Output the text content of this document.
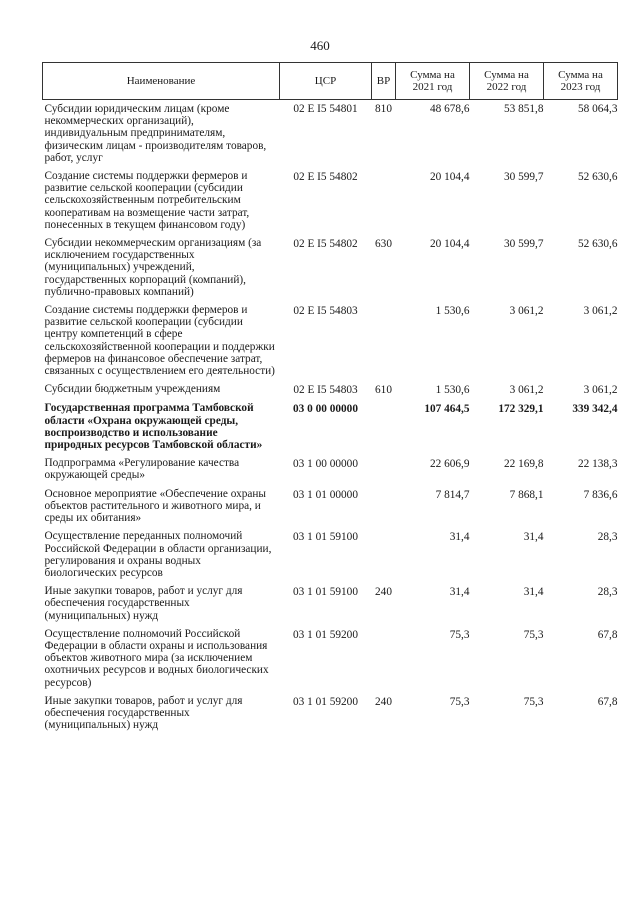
460
Наименование	ЦСР	ВР	Сумма на 2021 год	Сумма на 2022 год	Сумма на 2023 год
Субсидии юридическим лицам (кроме некоммерческих организаций), индивидуальным предпринимателям, физическим лицам - производителям товаров, работ, услуг	02 Е I5 54801	810	48 678,6	53 851,8	58 064,3
Создание системы поддержки фермеров и развитие сельской кооперации (субсидии сельскохозяйственным потребительским кооперативам на возмещение части затрат, понесенных в текущем финансовом году)	02 Е I5 54802		20 104,4	30 599,7	52 630,6
Субсидии некоммерческим организациям (за исключением государственных (муниципальных) учреждений, государственных корпораций (компаний), публично-правовых компаний)	02 Е I5 54802	630	20 104,4	30 599,7	52 630,6
Создание системы поддержки фермеров и развитие сельской кооперации (субсидии центру компетенций в сфере сельскохозяйственной кооперации и поддержки фермеров на финансовое обеспечение затрат, связанных с осуществлением его деятельности)	02 Е I5 54803		1 530,6	3 061,2	3 061,2
Субсидии бюджетным учреждениям	02 Е I5 54803	610	1 530,6	3 061,2	3 061,2
Государственная программа Тамбовской области «Охрана окружающей среды, воспроизводство и использование природных ресурсов Тамбовской области»	03 0 00 00000		107 464,5	172 329,1	339 342,4
Подпрограмма «Регулирование качества окружающей среды»	03 1 00 00000		22 606,9	22 169,8	22 138,3
Основное мероприятие «Обеспечение охраны объектов растительного и животного мира, и среды их обитания»	03 1 01 00000		7 814,7	7 868,1	7 836,6
Осуществление переданных полномочий Российской Федерации в области организации, регулирования и охраны водных биологических ресурсов	03 1 01 59100		31,4	31,4	28,3
Иные закупки товаров, работ и услуг для обеспечения государственных (муниципальных) нужд	03 1 01 59100	240	31,4	31,4	28,3
Осуществление полномочий Российской Федерации в области охраны и использования объектов животного мира (за исключением охотничьих ресурсов и водных биологических ресурсов)	03 1 01 59200		75,3	75,3	67,8
Иные закупки товаров, работ и услуг для обеспечения государственных (муниципальных) нужд	03 1 01 59200	240	75,3	75,3	67,8
